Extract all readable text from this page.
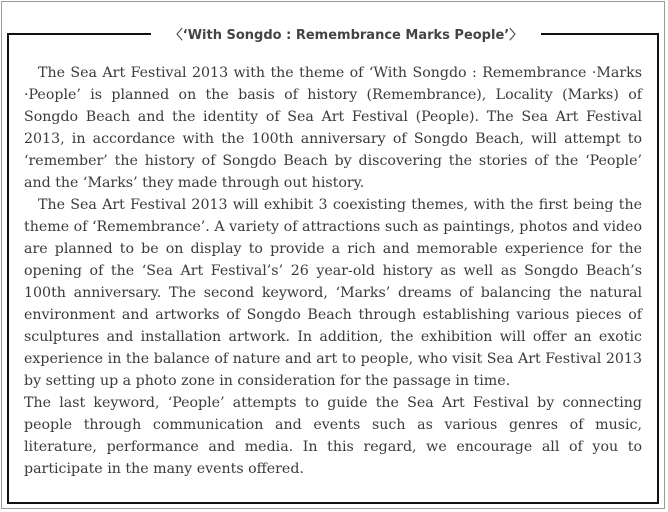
〈‘With Songdo : Remembrance Marks People’〉

The Sea Art Festival 2013 with the theme of ‘With Songdo : Remembrance ·Marks ·People’ is planned on the basis of history (Remembrance), Locality (Marks) of Songdo Beach and the identity of Sea Art Festival (People). The Sea Art Festival 2013, in accordance with the 100th anniversary of Songdo Beach, will attempt to ‘remember’ the history of Songdo Beach by discovering the stories of the ‘People’ and the ‘Marks’ they made through out history.

The Sea Art Festival 2013 will exhibit 3 coexisting themes, with the first being the theme of ‘Remembrance’. A variety of attractions such as paintings, photos and video are planned to be on display to provide a rich and memorable experience for the opening of the ‘Sea Art Festival’s’ 26 year-old history as well as Songdo Beach’s 100th anniversary. The second keyword, ‘Marks’ dreams of balancing the natural environment and artworks of Songdo Beach through establishing various pieces of sculptures and installation artwork. In addition, the exhibition will offer an exotic experience in the balance of nature and art to people, who visit Sea Art Festival 2013 by setting up a photo zone in consideration for the passage in time.

The last keyword, ‘People’ attempts to guide the Sea Art Festival by connecting people through communication and events such as various genres of music, literature, performance and media. In this regard, we encourage all of you to participate in the many events offered.
